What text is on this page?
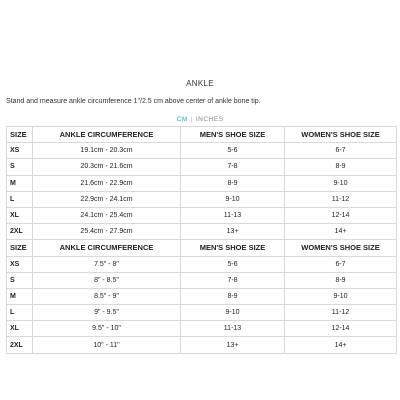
ANKLE
Stand and measure ankle circumference 1"/2.5 cm above center of ankle bone tip.
CM | INCHES
SIZE	ANKLE CIRCUMFERENCE	MEN'S SHOE SIZE	WOMEN'S SHOE SIZE
XS	19.1cm - 20.3cm	5-6	6-7
S	20.3cm - 21.6cm	7-8	8-9
M	21.6cm - 22.9cm	8-9	9-10
L	22.9cm - 24.1cm	9-10	11-12
XL	24.1cm - 25.4cm	11-13	12-14
2XL	25.4cm - 27.9cm	13+	14+
SIZE	ANKLE CIRCUMFERENCE	MEN'S SHOE SIZE	WOMEN'S SHOE SIZE
XS	7.5" - 8"	5-6	6-7
S	8" - 8.5"	7-8	8-9
M	8.5" - 9"	8-9	9-10
L	9" - 9.5"	9-10	11-12
XL	9.5" - 10"	11-13	12-14
2XL	10" - 11"	13+	14+
